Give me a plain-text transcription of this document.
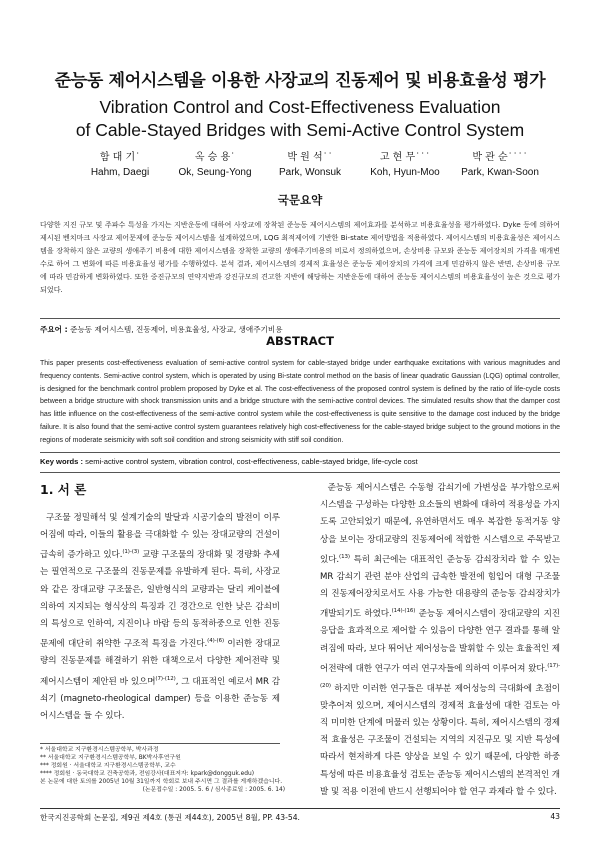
준능동 제어시스템을 이용한 사장교의 진동제어 및 비용효율성 평가
Vibration Control and Cost-Effectiveness Evaluation
of Cable-Stayed Bridges with Semi-Active Control System
함 대 기˙
Hahm, Daegi
옥 승 용˙
Ok, Seung-Yong
박 원 석˙˙
Park, Wonsuk
고 현 무˙˙˙
Koh, Hyun-Moo
박 관 순˙˙˙˙
Park, Kwan-Soon
국문요약
다양한 지진 규모 및 주파수 특성을 가지는 지반운동에 대하여 사장교에 장착된 준능동 제어시스템의 제어효과를 분석하고 비용효율성을 평가하였다. Dyke 등에 의하여 제시된 벤치마크 사장교 제어문제에 준능동 제어시스템을 설계하였으며, LQG 최적제어에 기반한 Bi-state 제어방법을 적용하였다. 제어시스템의 비용효율성은 제어시스템을 장착하지 않은 교량의 생애주기 비용에 대한 제어시스템을 장착한 교량의 생애주기비용의 비로서 정의하였으며, 손상비용 규모와 준능동 제어장치의 가격을 매개변수로 하여 그 변화에 따른 비용효율성 평가를 수행하였다. 분석 결과, 제어시스템의 경제적 효율성은 준능동 제어장치의 가격에 크게 민감하지 않은 반면, 손상비용 규모에 따라 민감하게 변화하였다. 또한 중진규모의 연약지반과 강진규모의 견고한 지반에 해당하는 지반운동에 대하여 준능동 제어시스템의 비용효율성이 높은 것으로 평가되었다.
주요어 : 준능동 제어시스템, 진동제어, 비용효율성, 사장교, 생애주기비용
ABSTRACT
This paper presents cost-effectiveness evaluation of semi-active control system for cable-stayed bridge under earthquake excitations with various magnitudes and frequency contents. Semi-active control system, which is operated by using Bi-state control method on the basis of linear quadratic Gaussian (LQG) optimal controller, is designed for the benchmark control problem proposed by Dyke et al. The cost-effectiveness of the proposed control system is defined by the ratio of life-cycle costs between a bridge structure with shock transmission units and a bridge structure with the semi-active control devices. The simulated results show that the damper cost has little influence on the cost-effectiveness of the semi-active control system while the cost-effectiveness is quite sensitive to the damage cost induced by the bridge failure. It is also found that the semi-active control system guarantees relatively high cost-effectiveness for the cable-stayed bridge subject to the ground motions in the regions of moderate seismicity with soft soil condition and strong seismicity with stiff soil condition.
Key words : semi-active control system, vibration control, cost-effectiveness, cable-stayed bridge, life-cycle cost
1. 서 론

구조물 정밀해석 및 설계기술의 발달과 시공기술의 발전이 이루어짐에 따라, 이들의 활용을 극대화할 수 있는 장대교량의 건설이 급속히 증가하고 있다.$^{(1)-(3)}$ 교량 구조물의 장대화 및 경량화 추세는 필연적으로 구조물의 진동문제를 유발하게 된다. 특히, 사장교와 같은 장대교량 구조물은, 일반형식의 교량과는 달리 케이블에 의하여 지지되는 형식상의 특징과 긴 경간으로 인한 낮은 감쇠비의 특성으로 인하여, 지진이나 바람 등의 동적하중으로 인한 진동문제에 대단히 취약한 구조적 특징을 가진다.$^{(4)-(6)}$ 이러한 장대교량의 진동문제를 해결하기 위한 대책으로서 다양한 제어전략 및 제어시스템이 제안된 바 있으며$^{(7)-(12)}$, 그 대표적인 예로서 MR 감쇠기 (magneto-rheological damper) 등을 이용한 준능동 제어시스템을 들 수 있다.

준능동 제어시스템은 수동형 감쇠기에 가변성을 부가함으로써 시스템을 구성하는 다양한 요소들의 변화에 대하여 적용성을 가지도록 고안되었기 때문에, 유연하면서도 매우 복잡한 동적거동 양상을 보이는 장대교량의 진동제어에 적합한 시스템으로 주목받고 있다.$^{(13)}$ 특히 최근에는 대표적인 준능동 감쇠장치라 할 수 있는 MR 감쇠기 관련 분야 산업의 급속한 발전에 힘입어 대형 구조물의 진동제어장치로서도 사용 가능한 대용량의 준능동 감쇠장치가 개발되기도 하였다.$^{(14)-(16)}$ 준능동 제어시스템이 장대교량의 지진응답을 효과적으로 제어할 수 있음이 다양한 연구 결과를 통해 알려짐에 따라, 보다 뛰어난 제어성능을 발휘할 수 있는 효율적인 제어전략에 대한 연구가 여러 연구자들에 의하여 이루어져 왔다.$^{(17)-(20)}$ 하지만 이러한 연구들은 대부분 제어성능의 극대화에 초점이 맞추어져 있으며, 제어시스템의 경제적 효율성에 대한 검토는 아직 미미한 단계에 머물러 있는 상황이다. 특히, 제어시스템의 경제적 효율성은 구조물이 건설되는 지역의 지진규모 및 지반 특성에 따라서 현저하게 다른 양상을 보일 수 있기 때문에, 다양한 하중 특성에 따른 비용효율성 검토는 준능동 제어시스템의 본격적인 개발 및 적용 이전에 반드시 선행되어야 할 연구 과제라 할 수 있다.

* 서울대학교 지구환경시스템공학부, 박사과정
** 서울대학교 지구환경시스템공학부, BK박사후연구원
*** 정회원 · 서울대학교 지구환경시스템공학부, 교수
**** 정회원 · 동국대학교 건축공학과, 전임강사(대표저자: kpark@dongguk.edu)
본 논문에 대한 토의를 2005년 10월 31일까지 학회로 보내 주시면 그 결과를 게재하겠습니다.
(논문접수일 : 2005. 5. 6 / 심사종료일 : 2005. 6. 14)
한국지진공학회 논문집, 제9권 제4호 (통권 제44호), 2005년 8월, PP. 43-54.	43
